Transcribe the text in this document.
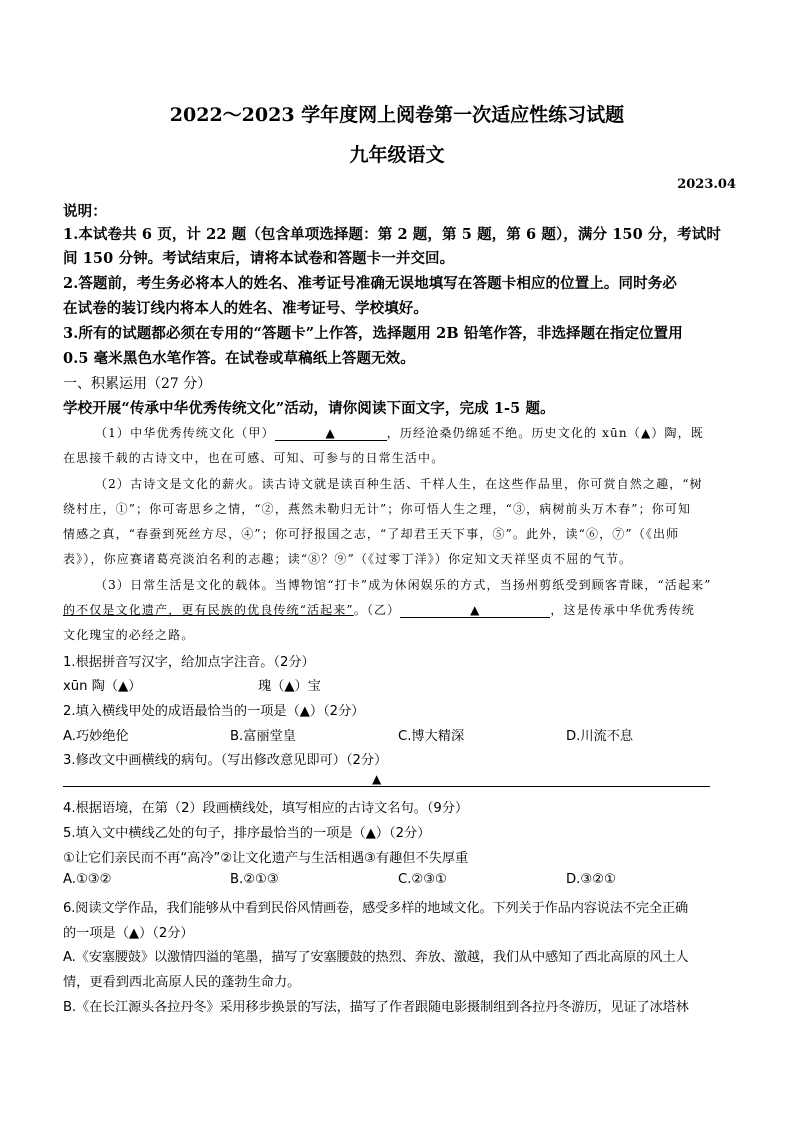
2022～2023 学年度网上阅卷第一次适应性练习试题
九年级语文
2023.04
说明：
1.本试卷共 6 页，计 22 题（包含单项选择题：第 2 题，第 5 题，第 6 题），满分 150 分，考试时
间 150 分钟。考试结束后，请将本试卷和答题卡一并交回。
2.答题前，考生务必将本人的姓名、准考证号准确无误地填写在答题卡相应的位置上。同时务必
在试卷的装订线内将本人的姓名、准考证号、学校填好。
3.所有的试题都必须在专用的“答题卡”上作答，选择题用 2B 铅笔作答，非选择题在指定位置用
0.5 毫米黑色水笔作答。在试卷或草稿纸上答题无效。
一、积累运用（27 分）
学校开展“传承中华优秀传统文化”活动，请你阅读下面文字，完成 1-5 题。
（1）中华优秀传统文化（甲）	▲	，历经沧桑仍绵延不绝。历史文化的 xūn（▲）陶，既
在思接千载的古诗文中，也在可感、可知、可参与的日常生活中。
（2）古诗文是文化的薪火。读古诗文就是读百种生活、千样人生，在这些作品里，你可赏自然之趣，“树
绕村庄，①”；你可寄思乡之情，“②，燕然未勒归无计”；你可悟人生之理，“③，病树前头万木春”；你可知
情感之真，“春蚕到死丝方尽，④”；你可抒报国之志，“了却君王天下事，⑤”。此外，读“⑥，⑦”（《出师
表》），你应赛诸葛亮淡泊名利的志趣；读“⑧？⑨”（《过零丁洋》）你定知文天祥坚贞不屈的气节。
（3）日常生活是文化的载体。当博物馆“打卡”成为休闲娱乐的方式，当扬州剪纸受到顾客青睐，“活起来”
的不仅是文化遗产，更有民族的优良传统“活起来”。（乙）	▲	，这是传承中华优秀传统
文化瑰宝的必经之路。
1.根据拼音写汉字，给加点字注音。（2分）
xūn 陶（▲）	瑰（▲）宝
2.填入横线甲处的成语最恰当的一项是（▲）（2分）
A.巧妙绝伦	B.富丽堂皇	C.博大精深	D.川流不息
3.修改文中画横线的病句。（写出修改意见即可）（2分）
▲
4.根据语境，在第（2）段画横线处，填写相应的古诗文名句。（9分）
5.填入文中横线乙处的句子，排序最恰当的一项是（▲）（2分）
①让它们亲民而不再“高冷”②让文化遗产与生活相遇③有趣但不失厚重
A.①③②	B.②①③	C.②③①	D.③②①
6.阅读文学作品，我们能够从中看到民俗风情画卷，感受多样的地域文化。下列关于作品内容说法不完全正确
的一项是（▲）（2分）
A.《安塞腰鼓》以激情四溢的笔墨，描写了安塞腰鼓的热烈、奔放、激越，我们从中感知了西北高原的风土人
情，更看到西北高原人民的蓬勃生命力。
B.《在长江源头各拉丹冬》采用移步换景的写法，描写了作者跟随电影摄制组到各拉丹冬游历，见证了冰塔林
